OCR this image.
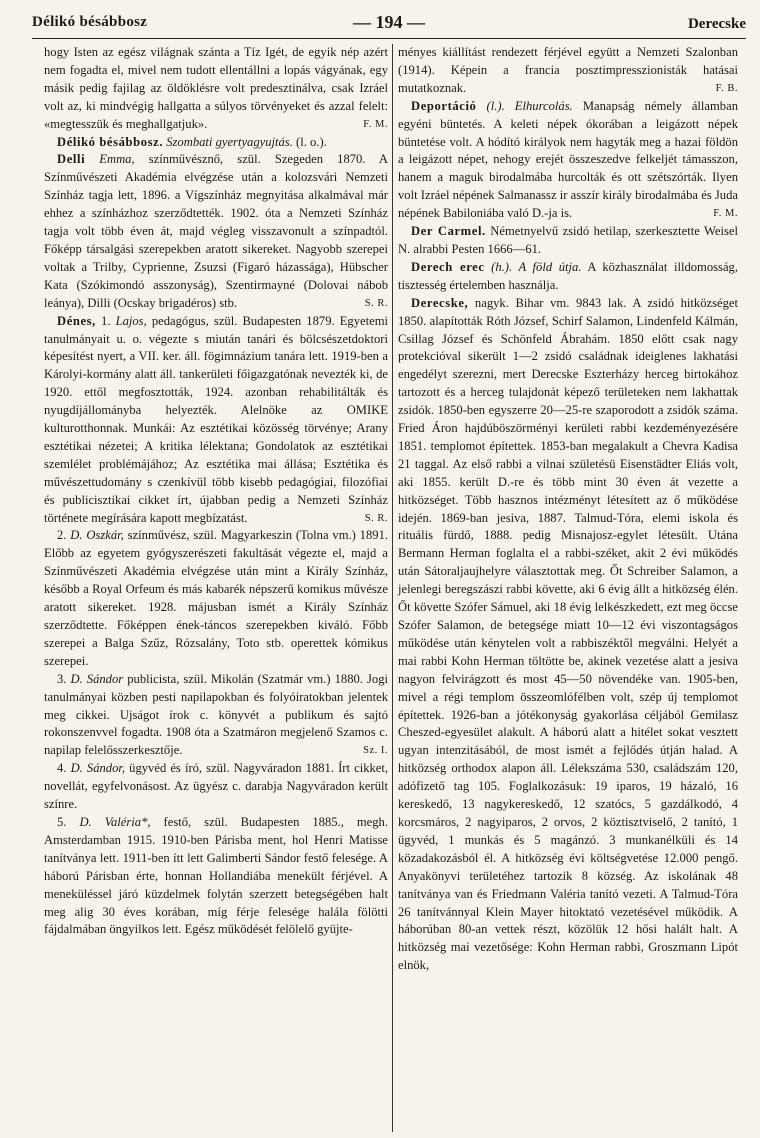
Délikó bésábbosz	— 194 —	Derecske

hogy Isten az egész világnak szánta a Tíz Igét, de egyik nép azért nem fogadta el, mivel nem tudott ellentállni a lopás vágyának, egy másik pedig fajilag az öldöklésre volt predesztinálva, csak Izráel volt az, ki mindvégig hallgatta a súlyos törvényeket és azzal felelt: «megtesszük és meghallgatjuk».	F. M.

Délikó bésábbosz. Szombati gyertyagyujtás. (l. o.).

Delli Emma, színművésznő, szül. Szegeden 1870. A Színművészeti Akadémia elvégzése után a kolozsvári Nemzeti Színház tagja lett, 1896. a Vígszínház megnyitása alkalmával már ehhez a színházhoz szerződtették. 1902. óta a Nemzeti Színház tagja volt több éven át, majd végleg visszavonult a színpadtól. Főképp társalgási szerepekben aratott sikereket. Nagyobb szerepei voltak a Trilby, Cyprienne, Zsuzsi (Figaró házassága), Hübscher Kata (Szókimondó asszonyság), Szentirmayné (Dolovai nábob leánya), Dilli (Ocskay brigadéros) stb.	S. R.

Dénes, 1. Lajos, pedagógus, szül. Budapesten 1879. Egyetemi tanulmányait u. o. végezte s miután tanári és bölcsészetdoktori képesítést nyert, a VII. ker. áll. fögimnázium tanára lett. 1919-ben a Károlyi-kormány alatt áll. tankerületi főigazgatónak nevezték ki, de 1920. ettől megfosztották, 1924. azonban rehabilitálták és nyugdíjállományba helyezték. Alelnöke az OMIKE kulturotthonnak. Munkái: Az esztétikai közösség törvénye; Arany esztétikai nézetei; A kritika lélektana; Gondolatok az esztétikai szemlélet problémájához; Az esztétika mai állása; Esztétika és művészettudomány s czenkívül több kisebb pedagógiai, filozófiai és publicisztikai cikket írt, újabban pedig a Nemzeti Színház története megírására kapott megbízatást.	S. R.

2. D. Oszkár, színművész, szül. Magyarkeszin (Tolna vm.) 1891. Előbb az egyetem gyógyszerészeti fakultását végezte el, majd a Színművészeti Akadémia elvégzése után mint a Király Színház, később a Royal Orfeum és más kabarék népszerű komikus művésze aratott sikereket. 1928. májusban ismét a Király Színház szerződtette. Főképpen ének-táncos szerepekben kiváló. Főbb szerepei a Balga Szűz, Rózsalány, Toto stb. operettek kómikus szerepei.

3. D. Sándor publicista, szül. Mikolán (Szatmár vm.) 1880. Jogi tanulmányai közben pesti napilapokban és folyóiratokban jelentek meg cikkei. Ujságot írok c. könyvét a publikum és sajtó rokonszenvvel fogadta. 1908 óta a Szatmáron megjelenő Szamos c. napilap felelősszerkesztője.	Sz. I.

4. D. Sándor, ügyvéd és író, szül. Nagyváradon 1881. Írt cikket, novellát, egyfelvonásost. Az ügyész c. darabja Nagyváradon került színre.

5. D. Valéria*, festő, szül. Budapesten 1885., megh. Amsterdamban 1915. 1910-ben Párisba ment, hol Henri Matisse tanítványa lett. 1911-ben ítt lett Galimberti Sándor festő felesége. A háború Párisban érte, honnan Hollandiába menekült férjével. A meneküléssel járó küzdelmek folytán szerzett betegségében halt meg alig 30 éves korában, míg férje felesége halála fölötti fájdalmában öngyilkos lett. Egész működését felölelő gyüjte-

ményes kiállítást rendezett férjével együtt a Nemzeti Szalonban (1914). Képein a francia posztimpresszionisták hatásai mutatkoznak.	F. B.

Deportáció (l.). Elhurcolás. Manapság némely államban egyéni büntetés. A keleti népek ókorában a leigázott népek büntetése volt. A hódító királyok nem hagyták meg a hazai földön a leigázott népet, nehogy erejét összeszedve felkeljét támasszon, hanem a maguk birodalmába hurcolták és ott szétszórták. Ilyen volt Izráel népének Salmanassz ir asszír király birodalmába és Juda népének Babiloniába való D.-ja is.	F. M.

Der Carmel. Németnyelvű zsidó hetilap, szerkesztette Weisel N. alrabbi Pesten 1666—61.

Derech erec (h.). A föld útja. A közhasználat illdomosság, tisztesség értelemben használja.

Derecske, nagyk. Bihar vm. 9843 lak. A zsidó hitközséget 1850. alapították Róth József, Schirf Salamon, Lindenfeld Kálmán, Csillag József és Schönfeld Ábrahám. 1850 előtt csak nagy protekcióval sikerült 1—2 zsidó családnak ideiglenes lakhatási engedélyt szerezni, mert Derecske Eszterházy herceg birtokához tartozott és a herceg tulajdonát képező területeken nem lakhattak zsidók. 1850-ben egyszerre 20—25-re szaporodott a zsidók száma. Fried Áron hajdúböszörményi kerületi rabbi kezdeményezésére 1851. templomot építettek. 1853-ban megalakult a Chevra Kadisa 21 taggal. Az első rabbi a vilnai születésü Eisenstädter Eliás volt, aki 1855. került D.-re és több mint 30 éven át vezette a hitközséget. Több hasznos intézményt létesített az ő működése idején. 1869-ban jesiva, 1887. Talmud-Tóra, elemi iskola és rituális fürdő, 1888. pedig Misnajosz-egylet létesült. Utána Bermann Herman foglalta el a rabbi-széket, akit 2 évi működés után Sátoraljaujhelyre választottak meg. Őt Schreiber Salamon, a jelenlegi beregszászi rabbi követte, aki 6 évig állt a hitközség élén. Őt követte Szófer Sámuel, aki 18 évig lelkészkedett, ezt meg öccse Szófer Salamon, de betegsége miatt 10—12 évi viszontagságos működése után kénytelen volt a rabbiszéktől megválni. Helyét a mai rabbi Kohn Herman töltötte be, akinek vezetése alatt a jesiva nagyon felvirágzott és most 45—50 növendéke van. 1905-ben, mivel a régi templom összeomlófélben volt, szép új templomot építettek. 1926-ban a jótékonyság gyakorlása céljából Gemilasz Cheszed-egyesület alakult. A háború alatt a hitélet sokat vesztett ugyan intenzitásából, de most ismét a fejlődés útján halad. A hitközség orthodox alapon áll. Lélekszáma 530, családszám 120, adófizető tag 105. Foglalkozásuk: 19 iparos, 19 házaló, 16 kereskedő, 13 nagykereskedő, 12 szatócs, 5 gazdálkodó, 4 korcsmáros, 2 nagyiparos, 2 orvos, 2 köztisztviselő, 2 tanító, 1 ügyvéd, 1 munkás és 5 magánzó. 3 munkanélküli és 14 közadakozásból él. A hitközség évi költségvetése 12.000 pengő. Anyakönyvi területéhez tartozik 8 község. Az iskolának 48 tanítványa van és Friedmann Valéria tanító vezeti. A Talmud-Tóra 26 tanítvánnyal Klein Mayer hitoktató vezetésével működik. A háborúban 80-an vettek részt, közölük 12 hősi halált halt. A hitközség mai vezetősége: Kohn Herman rabbi, Groszmann Lipót elnök,
